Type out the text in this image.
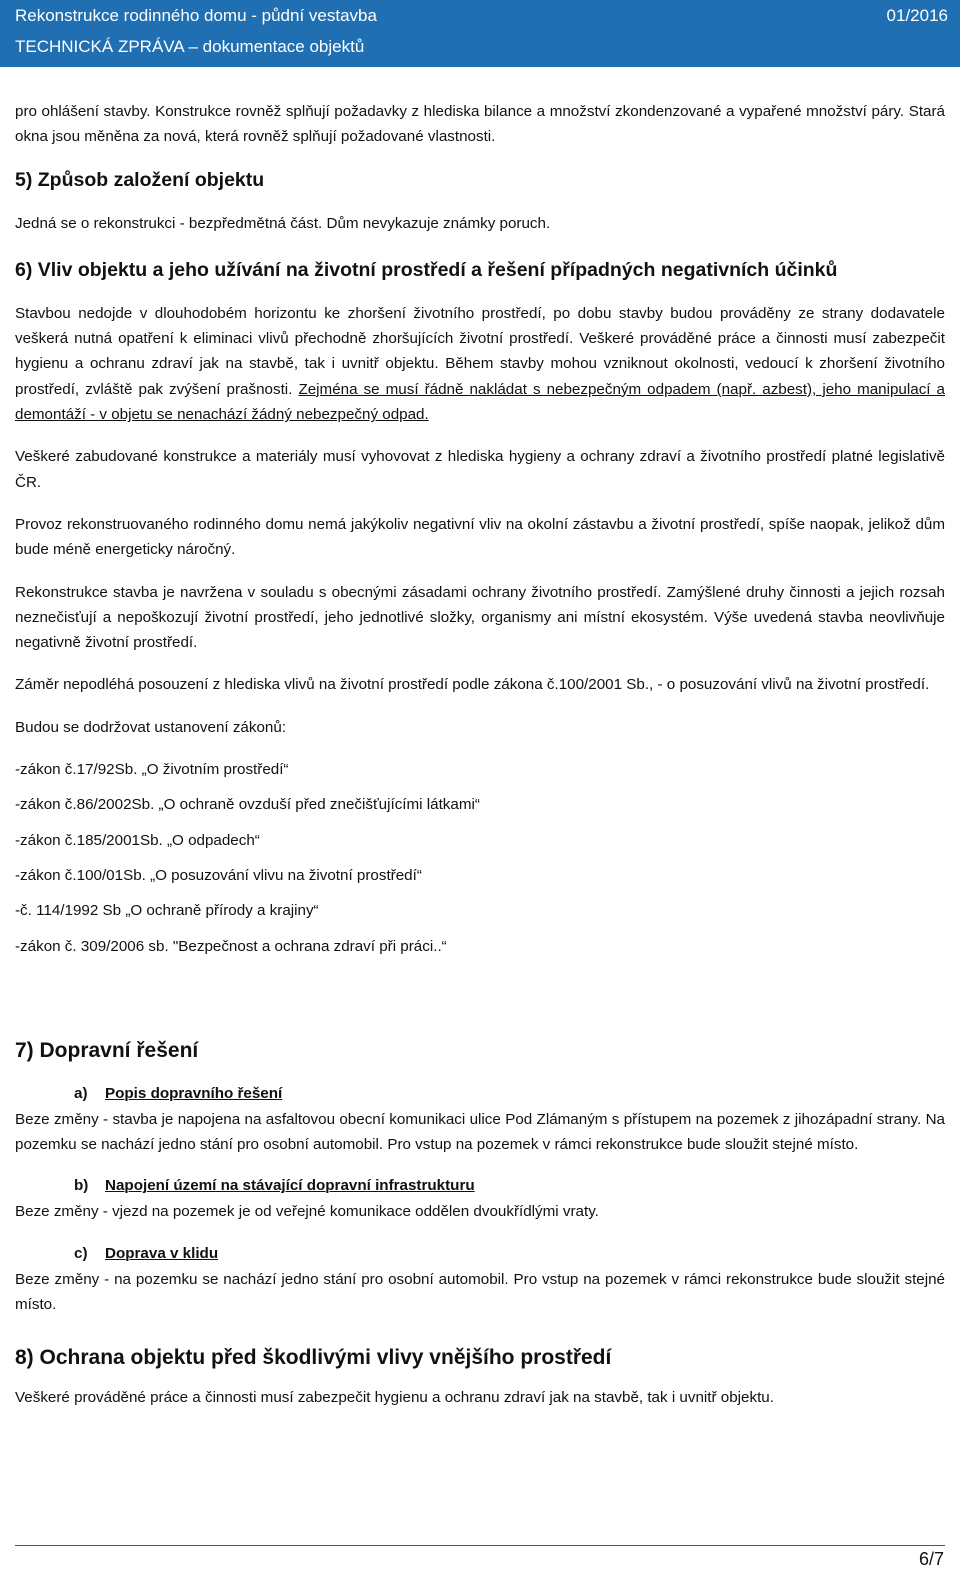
Rekonstrukce rodinného domu - půdní vestavba
TECHNICKÁ ZPRÁVA – dokumentace objektů
01/2016

pro ohlášení stavby. Konstrukce rovněž splňují požadavky z hlediska bilance a množství zkondenzované a vypařené množství páry. Stará okna jsou měněna za nová, která rovněž splňují požadované vlastnosti.

5) Způsob založení objektu

Jedná se o rekonstrukci - bezpředmětná část. Dům nevykazuje známky poruch.

6) Vliv objektu a jeho užívání na životní prostředí a řešení případných negativních účinků

Stavbou nedojde v dlouhodobém horizontu ke zhoršení životního prostředí, po dobu stavby budou prováděny ze strany dodavatele veškerá nutná opatření k eliminaci vlivů přechodně zhoršujících životní prostředí. Veškeré prováděné práce a činnosti musí zabezpečit hygienu a ochranu zdraví jak na stavbě, tak i uvnitř objektu. Během stavby mohou vzniknout okolnosti, vedoucí k zhoršení životního prostředí, zvláště pak zvýšení prašnosti. Zejména se musí řádně nakládat s nebezpečným odpadem (např. azbest), jeho manipulací a demontáží - v objetu se nenachází žádný nebezpečný odpad.

Veškeré zabudované konstrukce a materiály musí vyhovovat z hlediska hygieny a ochrany zdraví a životního prostředí platné legislativě ČR.

Provoz rekonstruovaného rodinného domu nemá jakýkoliv negativní vliv na okolní zástavbu a životní prostředí, spíše naopak, jelikož dům bude méně energeticky náročný.

Rekonstrukce stavba je navržena v souladu s obecnými zásadami ochrany životního prostředí. Zamýšlené druhy činnosti a jejich rozsah neznečisťují a nepoškozují životní prostředí, jeho jednotlivé složky, organismy ani místní ekosystém. Výše uvedená stavba neovlivňuje negativně životní prostředí.

Záměr nepodléhá posouzení z hlediska vlivů na životní prostředí podle zákona č.100/2001 Sb., - o posuzování vlivů na životní prostředí.

Budou se dodržovat ustanovení zákonů:

-zákon č.17/92Sb. „O životním prostředí“

-zákon č.86/2002Sb. „O ochraně ovzduší před znečišťujícími látkami“

-zákon č.185/2001Sb. „O odpadech“

-zákon č.100/01Sb. „O posuzování vlivu na životní prostředí“

-č. 114/1992 Sb „O ochraně přírody a krajiny“

-zákon č. 309/2006 sb. "Bezpečnost a ochrana zdraví při práci..“

7) Dopravní řešení
a) Popis dopravního řešení

Beze změny - stavba je napojena na asfaltovou obecní komunikaci ulice Pod Zlámaným s přístupem na pozemek z jihozápadní strany. Na pozemku se nachází jedno stání pro osobní automobil. Pro vstup na pozemek v rámci rekonstrukce bude sloužit stejné místo.

b) Napojení území na stávající dopravní infrastrukturu

Beze změny - vjezd na pozemek je od veřejné komunikace oddělen dvoukřídlými vraty.

c) Doprava v klidu

Beze změny - na pozemku se nachází jedno stání pro osobní automobil. Pro vstup na pozemek v rámci rekonstrukce bude sloužit stejné místo.

8) Ochrana objektu před škodlivými vlivy vnějšího prostředí

Veškeré prováděné práce a činnosti musí zabezpečit hygienu a ochranu zdraví jak na stavbě, tak i uvnitř objektu.

6/7
